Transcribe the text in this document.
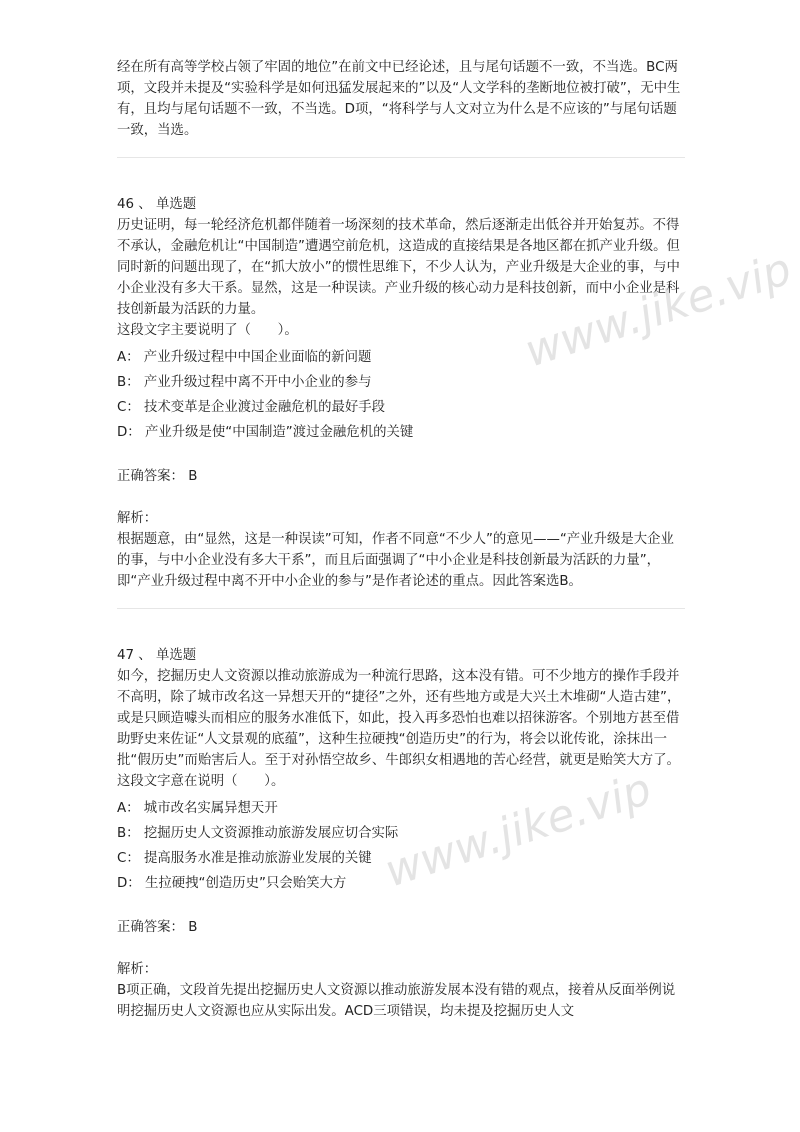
经在所有高等学校占领了牢固的地位”在前文中已经论述，且与尾句话题不一致，不当选。BC两项，文段并未提及“实验科学是如何迅猛发展起来的”以及“人文学科的垄断地位被打破”，无中生有，且均与尾句话题不一致，不当选。D项，“将科学与人文对立为什么是不应该的”与尾句话题一致，当选。

46 、 单选题

历史证明，每一轮经济危机都伴随着一场深刻的技术革命，然后逐渐走出低谷并开始复苏。不得不承认，金融危机让“中国制造”遭遇空前危机，这造成的直接结果是各地区都在抓产业升级。但同时新的问题出现了，在“抓大放小”的惯性思维下，不少人认为，产业升级是大企业的事，与中小企业没有多大干系。显然，这是一种误读。产业升级的核心动力是科技创新，而中小企业是科技创新最为活跃的力量。

这段文字主要说明了（　　）。

A： 产业升级过程中中国企业面临的新问题

B： 产业升级过程中离不开中小企业的参与

C： 技术变革是企业渡过金融危机的最好手段

D： 产业升级是使“中国制造”渡过金融危机的关键

正确答案： B

解析：

根据题意，由“显然，这是一种误读”可知，作者不同意“不少人”的意见——“产业升级是大企业的事，与中小企业没有多大干系”，而且后面强调了“中小企业是科技创新最为活跃的力量”，即“产业升级过程中离不开中小企业的参与”是作者论述的重点。因此答案选B。

47 、 单选题

如今，挖掘历史人文资源以推动旅游成为一种流行思路，这本没有错。可不少地方的操作手段并不高明，除了城市改名这一异想天开的“捷径”之外，还有些地方或是大兴土木堆砌“人造古建”，或是只顾造噱头而相应的服务水准低下，如此，投入再多恐怕也难以招徕游客。个别地方甚至借助野史来佐证“人文景观的底蕴”，这种生拉硬拽“创造历史”的行为，将会以讹传讹，涂抹出一批“假历史”而贻害后人。至于对孙悟空故乡、牛郎织女相遇地的苦心经营，就更是贻笑大方了。

这段文字意在说明（　　）。

A： 城市改名实属异想天开

B： 挖掘历史人文资源推动旅游发展应切合实际

C： 提高服务水准是推动旅游业发展的关键

D： 生拉硬拽“创造历史”只会贻笑大方

正确答案： B

解析：

B项正确，文段首先提出挖掘历史人文资源以推动旅游发展本没有错的观点，接着从反面举例说明挖掘历史人文资源也应从实际出发。ACD三项错误，均未提及挖掘历史人文

www.jike.vip
www.jike.vip
